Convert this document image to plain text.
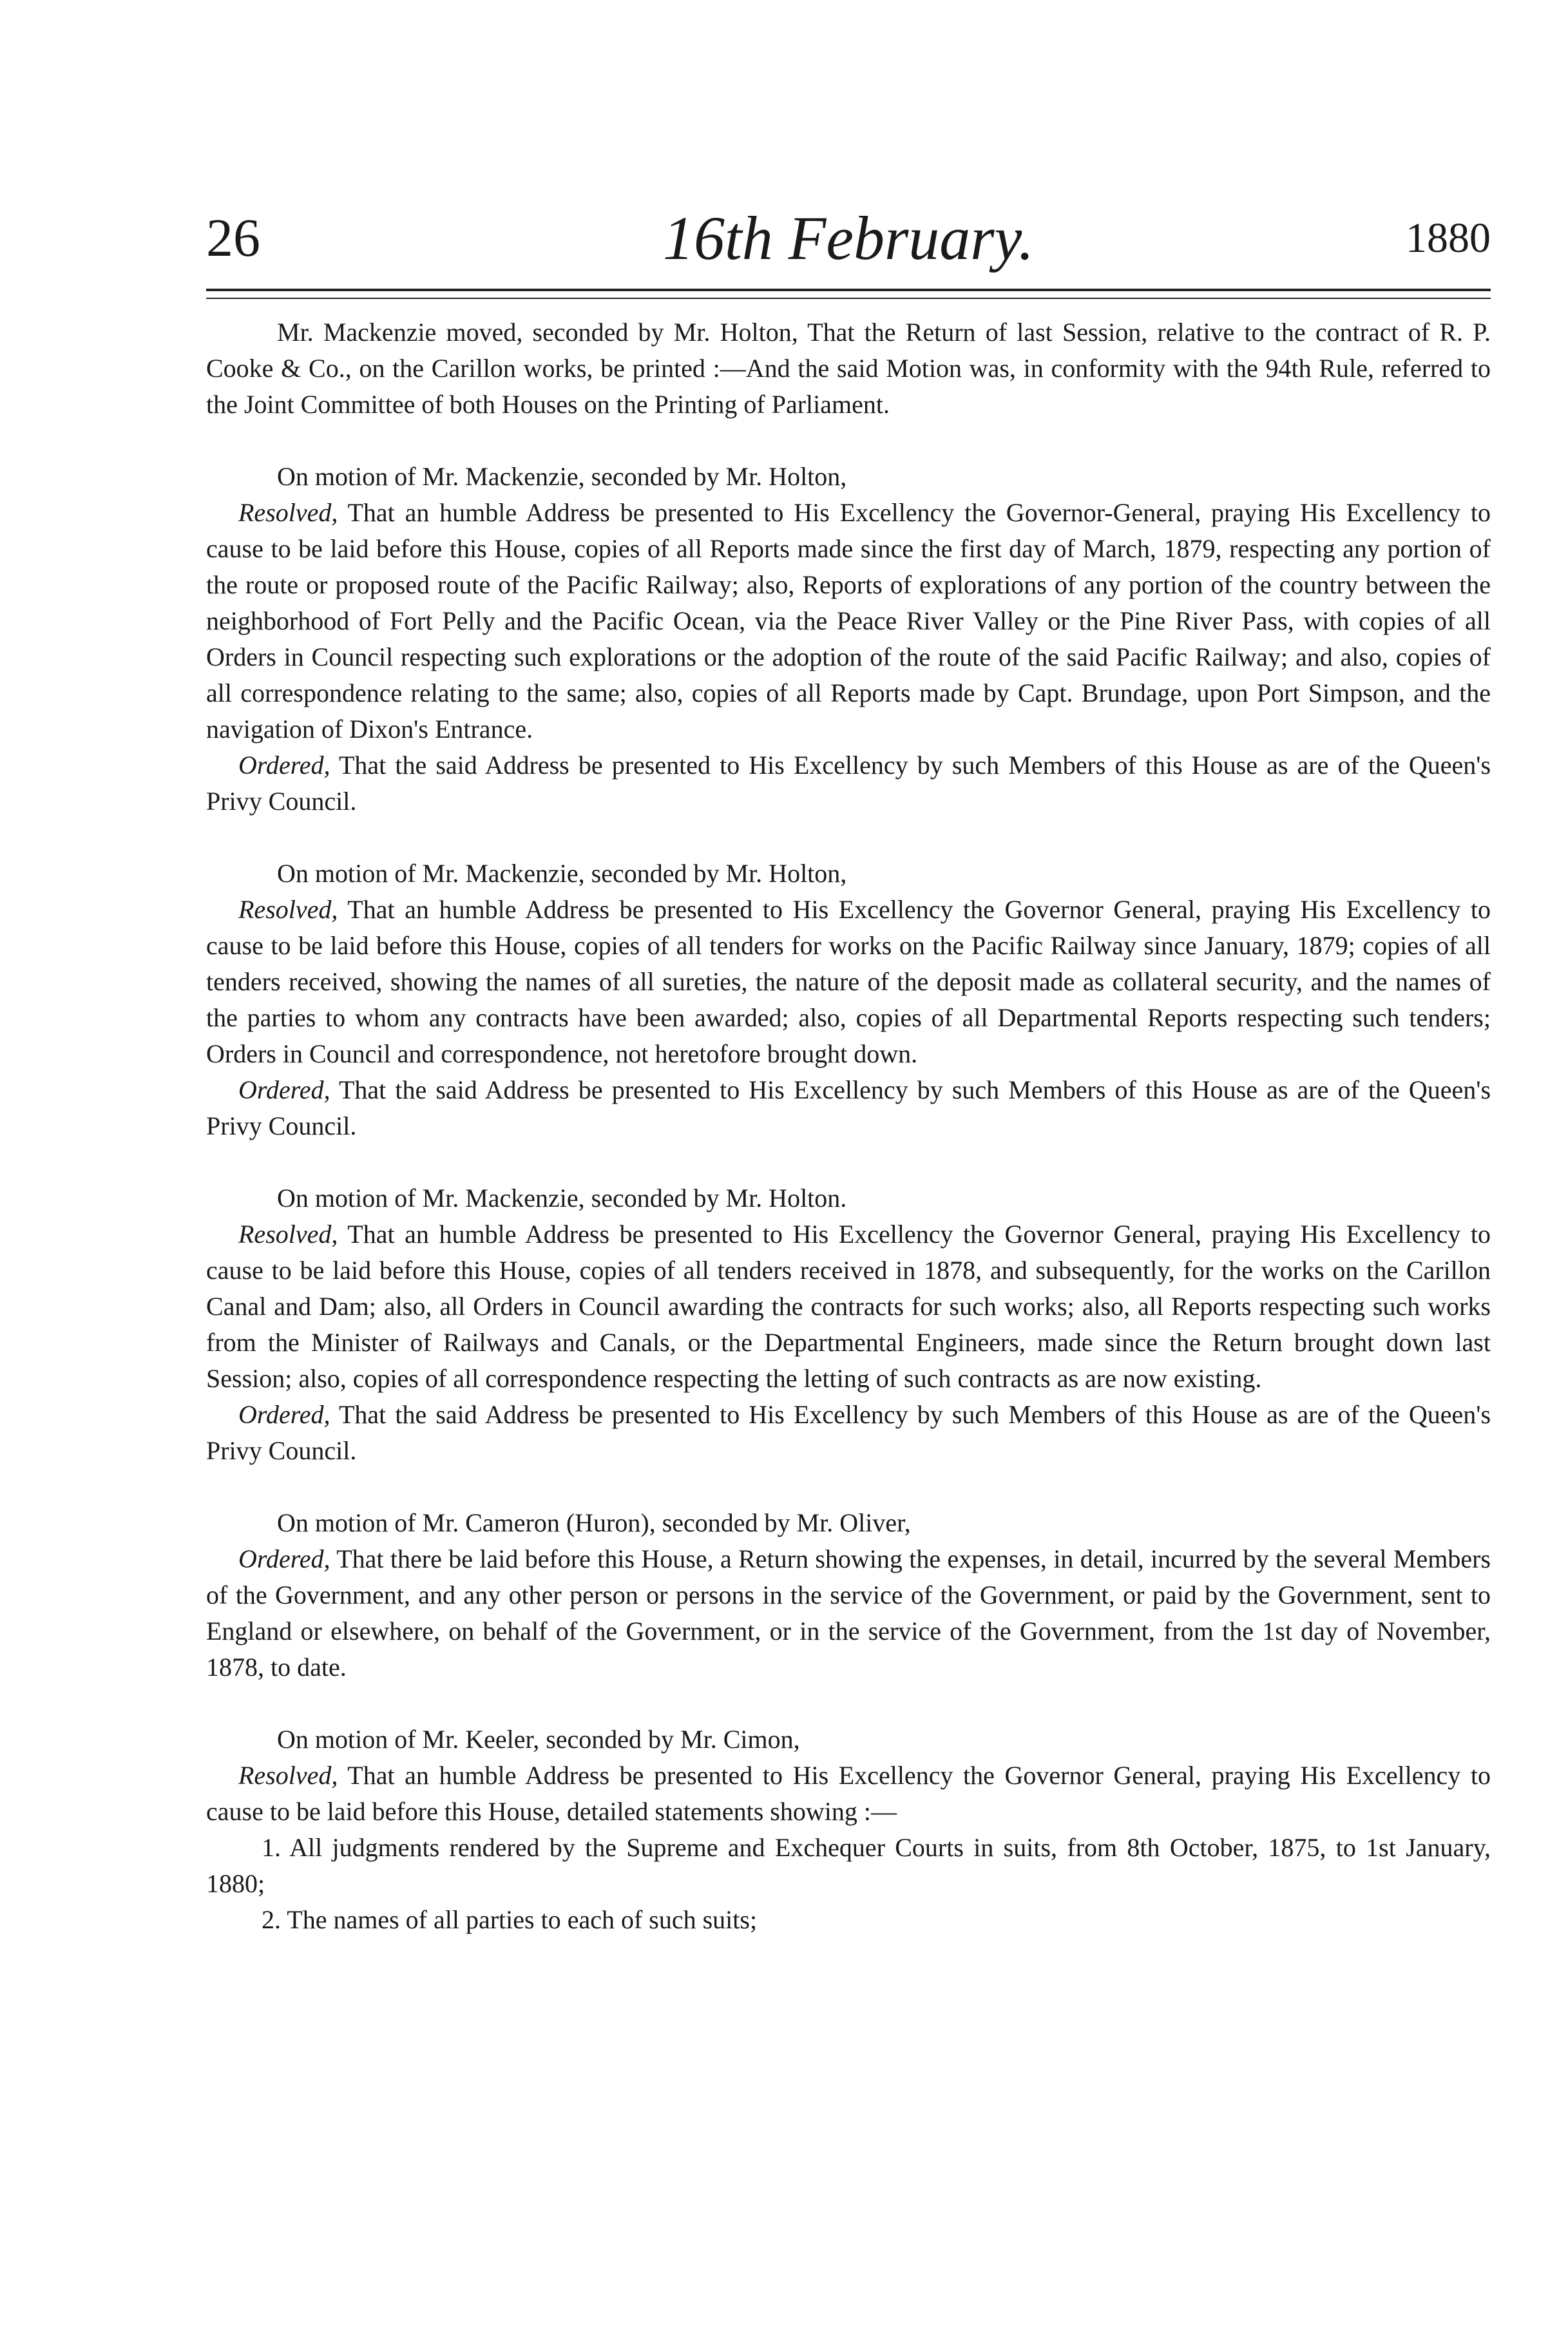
26	16th February.	1880

Mr. Mackenzie moved, seconded by Mr. Holton, That the Return of last Session, relative to the contract of R. P. Cooke & Co., on the Carillon works, be printed :—And the said Motion was, in conformity with the 94th Rule, referred to the Joint Committee of both Houses on the Printing of Parliament.

On motion of Mr. Mackenzie, seconded by Mr. Holton,

Resolved, That an humble Address be presented to His Excellency the Governor-General, praying His Excellency to cause to be laid before this House, copies of all Reports made since the first day of March, 1879, respecting any portion of the route or proposed route of the Pacific Railway; also, Reports of explorations of any portion of the country between the neighborhood of Fort Pelly and the Pacific Ocean, via the Peace River Valley or the Pine River Pass, with copies of all Orders in Council respecting such explorations or the adoption of the route of the said Pacific Railway; and also, copies of all correspondence relating to the same; also, copies of all Reports made by Capt. Brundage, upon Port Simpson, and the navigation of Dixon's Entrance.

Ordered, That the said Address be presented to His Excellency by such Members of this House as are of the Queen's Privy Council.

On motion of Mr. Mackenzie, seconded by Mr. Holton,

Resolved, That an humble Address be presented to His Excellency the Governor General, praying His Excellency to cause to be laid before this House, copies of all tenders for works on the Pacific Railway since January, 1879; copies of all tenders received, showing the names of all sureties, the nature of the deposit made as collateral security, and the names of the parties to whom any contracts have been awarded; also, copies of all Departmental Reports respecting such tenders; Orders in Council and correspondence, not heretofore brought down.

Ordered, That the said Address be presented to His Excellency by such Members of this House as are of the Queen's Privy Council.

On motion of Mr. Mackenzie, seconded by Mr. Holton.

Resolved, That an humble Address be presented to His Excellency the Governor General, praying His Excellency to cause to be laid before this House, copies of all tenders received in 1878, and subsequently, for the works on the Carillon Canal and Dam; also, all Orders in Council awarding the contracts for such works; also, all Reports respecting such works from the Minister of Railways and Canals, or the Departmental Engineers, made since the Return brought down last Session; also, copies of all correspondence respecting the letting of such contracts as are now existing.

Ordered, That the said Address be presented to His Excellency by such Members of this House as are of the Queen's Privy Council.

On motion of Mr. Cameron (Huron), seconded by Mr. Oliver,

Ordered, That there be laid before this House, a Return showing the expenses, in detail, incurred by the several Members of the Government, and any other person or persons in the service of the Government, or paid by the Government, sent to England or elsewhere, on behalf of the Government, or in the service of the Government, from the 1st day of November, 1878, to date.

On motion of Mr. Keeler, seconded by Mr. Cimon,

Resolved, That an humble Address be presented to His Excellency the Governor General, praying His Excellency to cause to be laid before this House, detailed statements showing :—

1. All judgments rendered by the Supreme and Exchequer Courts in suits, from 8th October, 1875, to 1st January, 1880;
2. The names of all parties to each of such suits;
